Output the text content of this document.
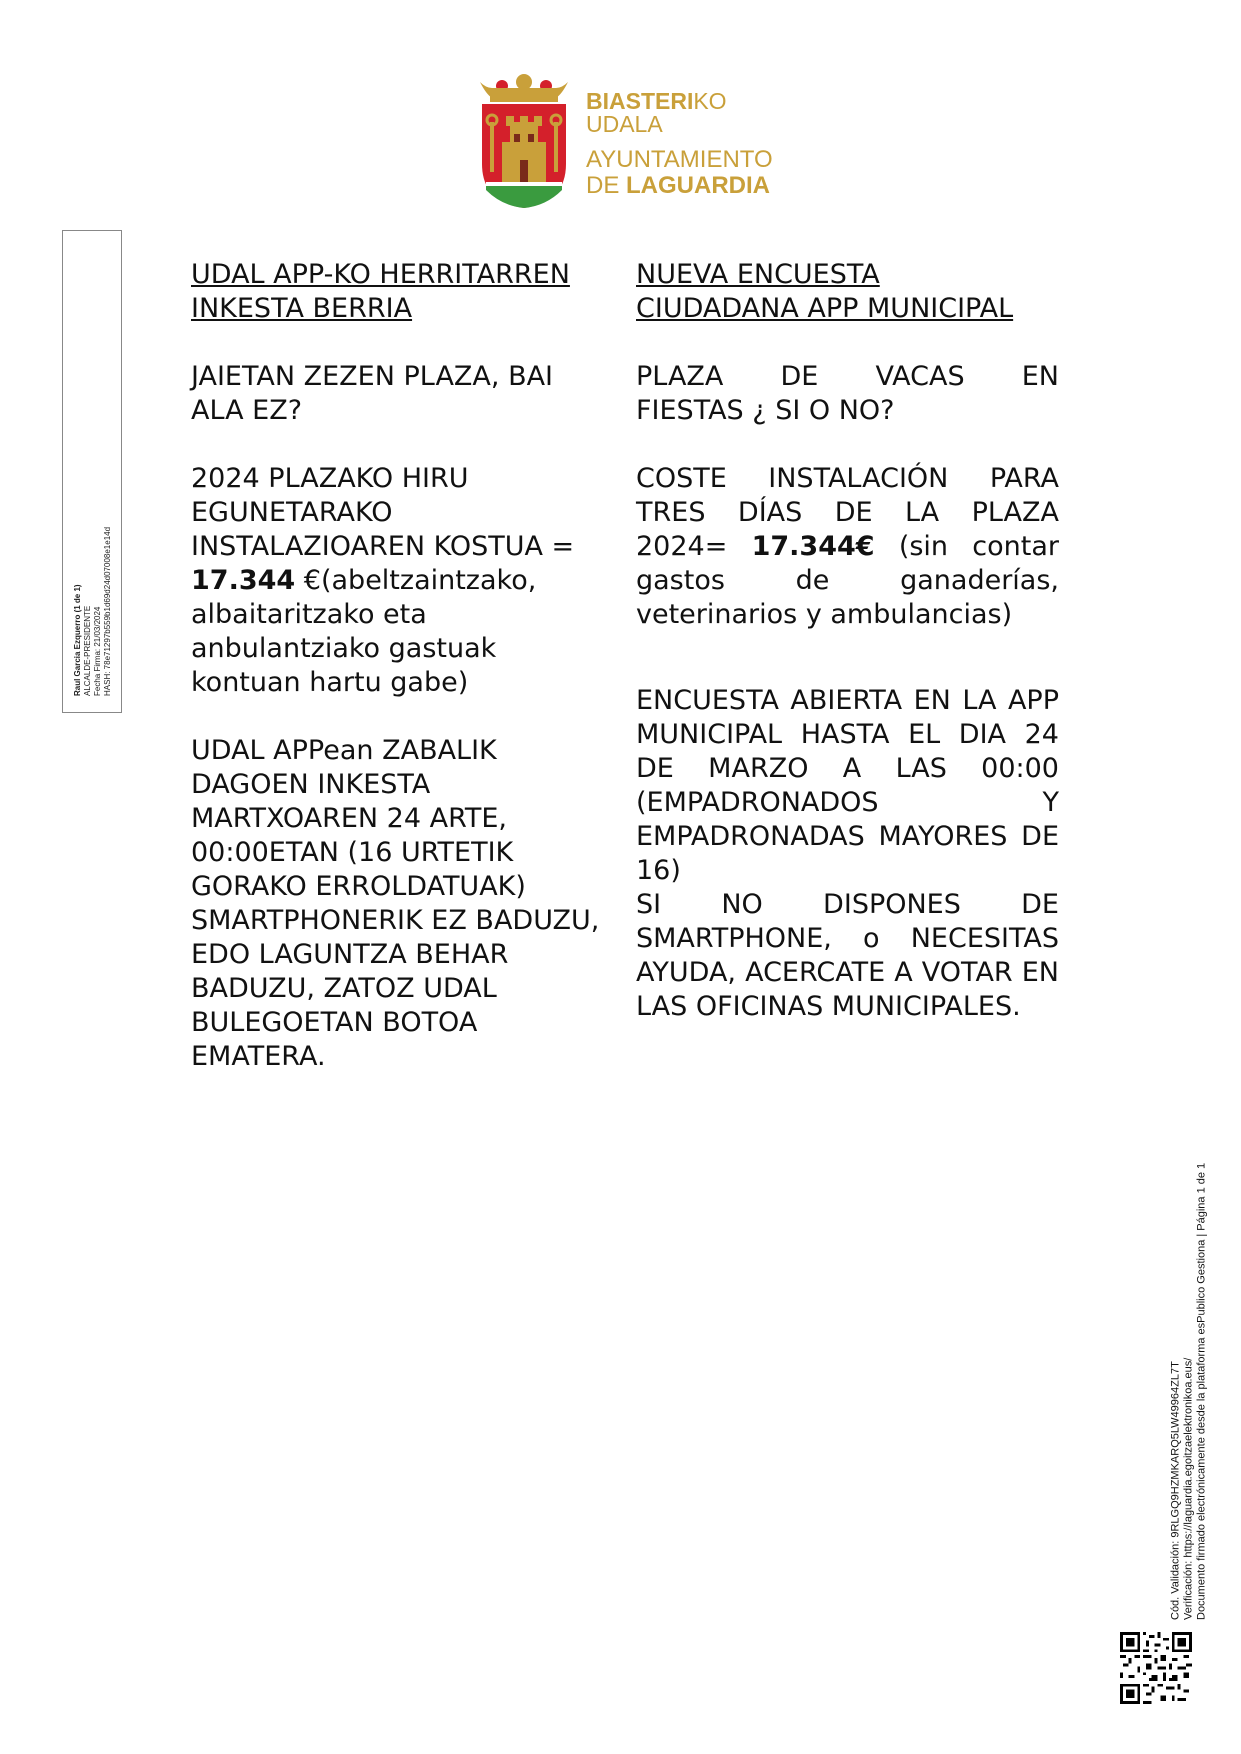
BIASTERIKO
UDALA
AYUNTAMIENTO
DE LAGUARDIA
Raul Garcia Ezquerro (1 de 1) ALCALDE-PRESIDENTE Fecha Firma: 21/03/2024 HASH: 78e71297b559b1d69d24d07008e1e14d

UDAL APP-KO HERRITARREN
INKESTA BERRIA

JAIETAN ZEZEN PLAZA, BAI ALA EZ?

2024 PLAZAKO HIRU EGUNETARAKO INSTALAZIOAREN KOSTUA =
17.344 €(abeltzaintzako, albaitaritzako eta anbulantziako gastuak kontuan hartu gabe)

UDAL APPean ZABALIK DAGOEN INKESTA MARTXOAREN 24 ARTE, 00:00ETAN (16 URTETIK GORAKO ERROLDATUAK) SMARTPHONERIK EZ BADUZU, EDO LAGUNTZA BEHAR BADUZU, ZATOZ UDAL BULEGOETAN BOTOA EMATERA.

NUEVA ENCUESTA
CIUDADANA APP MUNICIPAL

PLAZA DE VACAS EN
FIESTAS ¿ SI O NO?

COSTE INSTALACIÓN PARA
TRES DÍAS DE LA PLAZA
2024= 17.344€ (sin contar
gastos de ganaderías,
veterinarios y ambulancias)

ENCUESTA ABIERTA EN LA APP MUNICIPAL HASTA EL DIA 24 DE MARZO A LAS 00:00 (EMPADRONADOS Y EMPADRONADAS MAYORES DE 16)

SI NO DISPONES DE SMARTPHONE, o NECESITAS AYUDA, ACERCATE A VOTAR EN LAS OFICINAS MUNICIPALES.

Cód. Validación: 9RLGQ9HZMKARQ5LW49964ZL7T Verificación: https://laguardia.egoitzaelektronikoa.eus/ Documento firmado electrónicamente desde la plataforma esPublico Gestiona | Página 1 de 1
